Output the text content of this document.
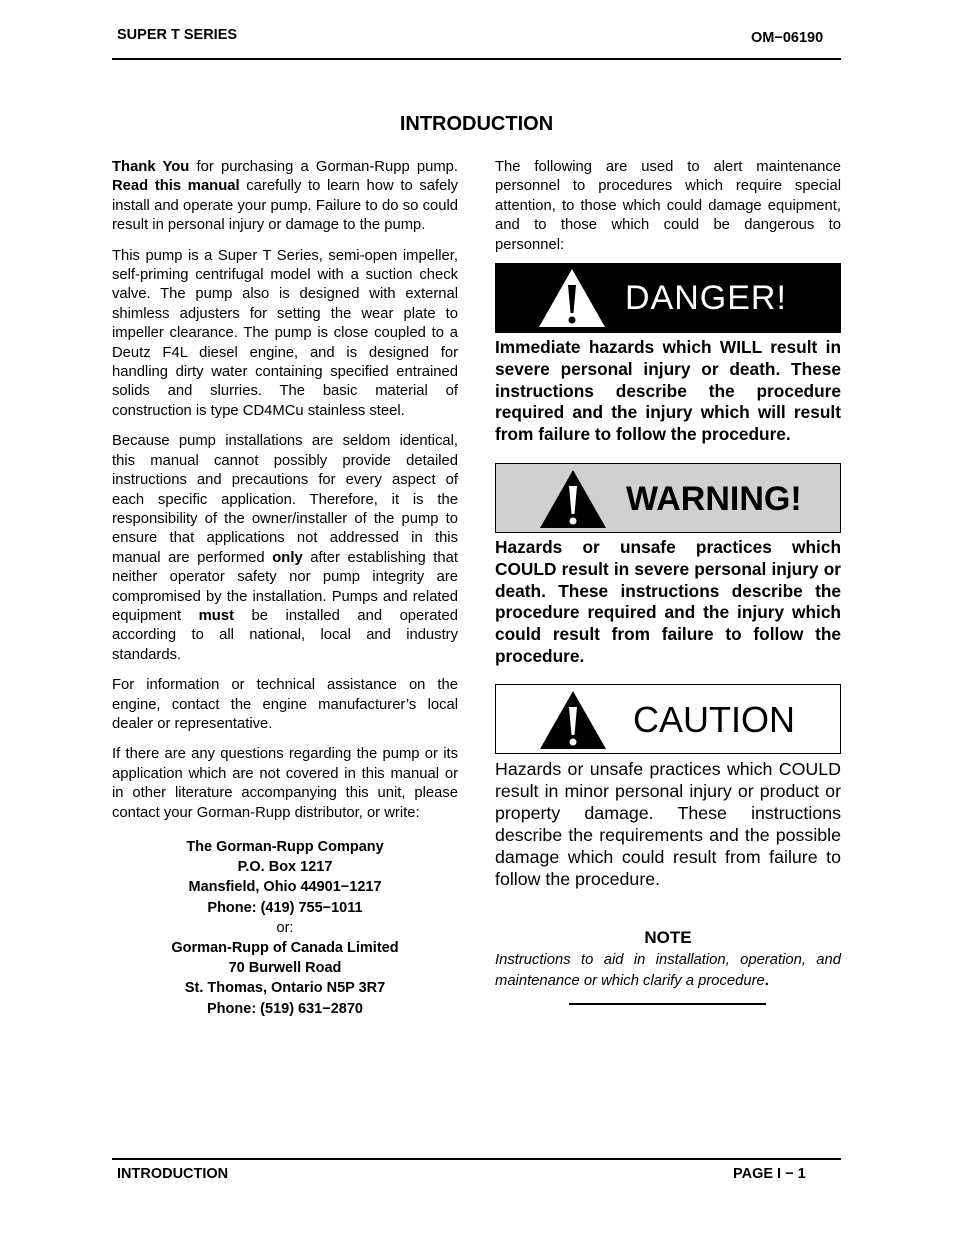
SUPER T SERIES	OM−06190
INTRODUCTION

Thank You for purchasing a Gorman-Rupp pump. Read this manual carefully to learn how to safely install and operate your pump. Failure to do so could result in personal injury or damage to the pump.

This pump is a Super T Series, semi-open impeller, self-priming centrifugal model with a suction check valve. The pump also is designed with external shimless adjusters for setting the wear plate to impeller clearance. The pump is close coupled to a Deutz F4L diesel engine, and is designed for handling dirty water containing specified entrained solids and slurries. The basic material of construction is type CD4MCu stainless steel.

Because pump installations are seldom identical, this manual cannot possibly provide detailed instructions and precautions for every aspect of each specific application. Therefore, it is the responsibility of the owner/installer of the pump to ensure that applications not addressed in this manual are performed only after establishing that neither operator safety nor pump integrity are compromised by the installation. Pumps and related equipment must be installed and operated according to all national, local and industry standards.

For information or technical assistance on the engine, contact the engine manufacturer’s local dealer or representative.

If there are any questions regarding the pump or its application which are not covered in this manual or in other literature accompanying this unit, please contact your Gorman-Rupp distributor, or write:

The Gorman-Rupp Company
P.O. Box 1217
Mansfield, Ohio 44901−1217
Phone: (419) 755−1011
or:
Gorman-Rupp of Canada Limited
70 Burwell Road
St. Thomas, Ontario N5P 3R7
Phone: (519) 631−2870

The following are used to alert maintenance personnel to procedures which require special attention, to those which could damage equipment, and to those which could be dangerous to personnel:

DANGER!
Immediate hazards which WILL result in severe personal injury or death. These instructions describe the procedure required and the injury which will result from failure to follow the procedure.
WARNING!
Hazards or unsafe practices which COULD result in severe personal injury or death. These instructions describe the procedure required and the injury which could result from failure to follow the procedure.
CAUTION
Hazards or unsafe practices which COULD result in minor personal injury or product or property damage. These instructions describe the requirements and the possible damage which could result from failure to follow the procedure.
NOTE
Instructions to aid in installation, operation, and maintenance or which clarify a procedure.
INTRODUCTION	PAGE I − 1
